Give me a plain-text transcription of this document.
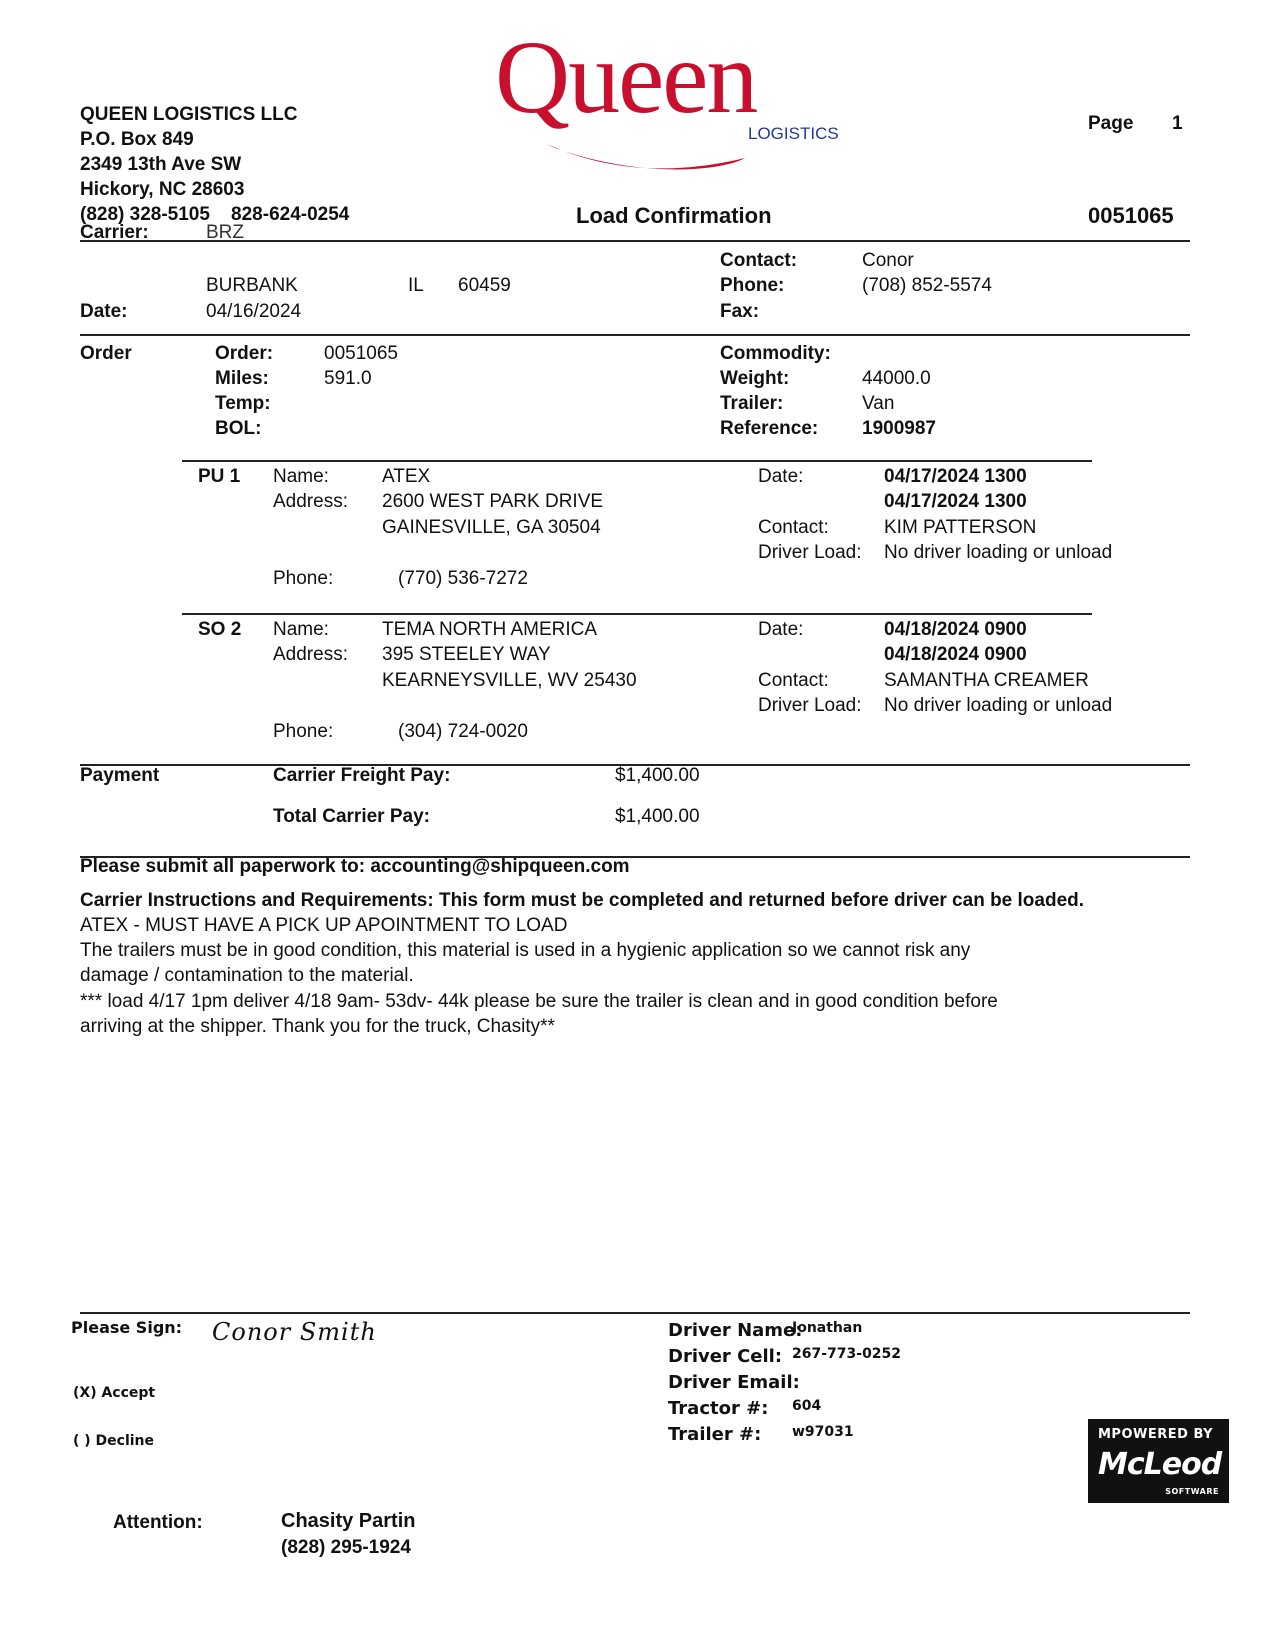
QUEEN LOGISTICS LLC
P.O. Box 849
2349 13th Ave SW
Hickory, NC 28603
(828) 328-5105    828-624-0254
Queen
LOGISTICS	Page 1
Load Confirmation	0051065
Carrier:	BRZ
BURBANK	IL 60459
Date:	04/16/2024
Contact:	Conor
Phone:	(708) 852-5574
Fax:
Order	Order:	0051065
Miles:	591.0
Temp:
BOL:
Commodity:
Weight:	44000.0
Trailer:	Van
Reference: 1900987
PU 1 Name:	ATEX
Address: 2600 WEST PARK DRIVE
GAINESVILLE, GA 30504
Phone:	(770) 536-7272
Date:	04/17/2024 1300
04/17/2024 1300
Contact:	KIM PATTERSON
Driver Load: No driver loading or unload
SO 2 Name:	TEMA NORTH AMERICA
Address: 395 STEELEY WAY
KEARNEYSVILLE, WV 25430
Phone:	(304) 724-0020
Date:	04/18/2024 0900
04/18/2024 0900
Contact:	SAMANTHA CREAMER
Driver Load: No driver loading or unload
Payment	Carrier Freight Pay:	$1,400.00
Total Carrier Pay:	$1,400.00
Please submit all paperwork to: accounting@shipqueen.com
Carrier Instructions and Requirements: This form must be completed and returned before driver can be loaded.
ATEX - MUST HAVE A PICK UP APOINTMENT TO LOAD
The trailers must be in good condition, this material is used in a hygienic application so we cannot risk any
damage / contamination to the material.
*** load 4/17 1pm deliver 4/18 9am- 53dv- 44k please be sure the trailer is clean and in good condition before
arriving at the shipper. Thank you for the truck, Chasity**
Please Sign: Conor Smith
(X) Accept
( ) Decline
Driver Name:
Jonathan
Driver Cell: 267-773-0252
Driver Email:
Tractor #: 604
Trailer #: w97031	MPOWERED BY
McLeod
SOFTWARE
Attention:	Chasity Partin
(828) 295-1924
